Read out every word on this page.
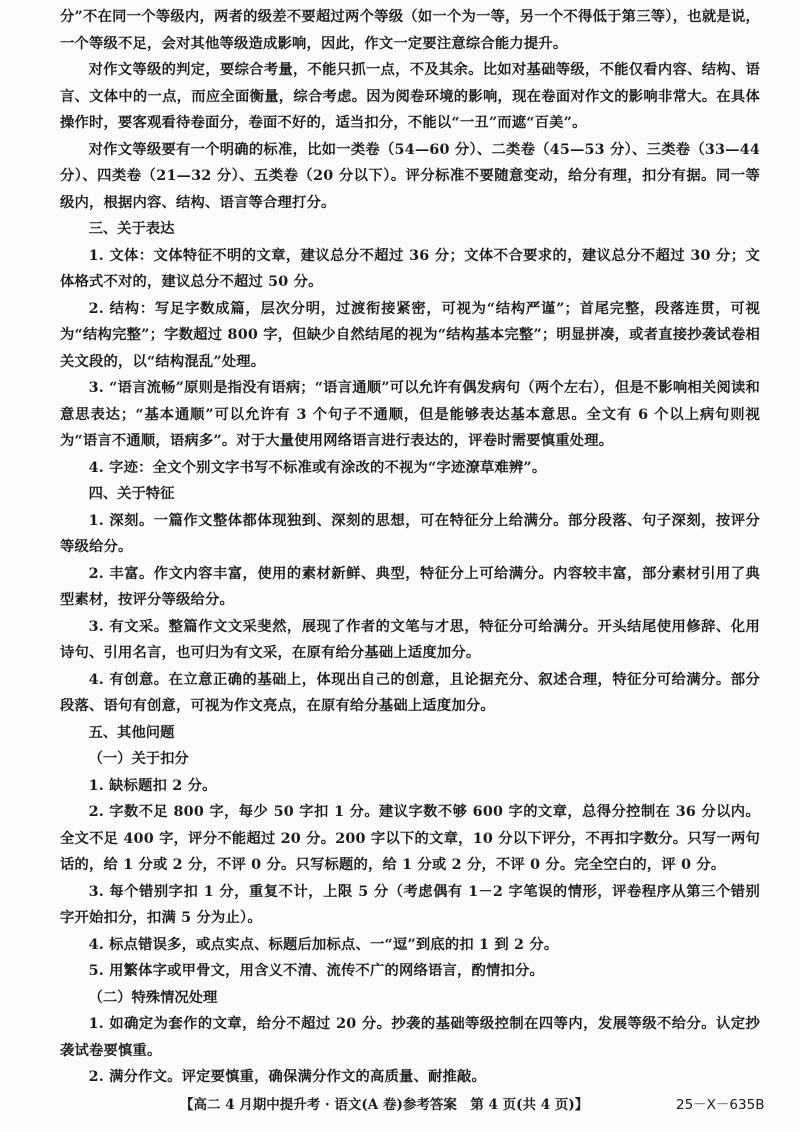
分”不在同一个等级内，两者的级差不要超过两个等级（如一个为一等，另一个不得低于第三等），也就是说，一个等级不足，会对其他等级造成影响，因此，作文一定要注意综合能力提升。

对作文等级的判定，要综合考量，不能只抓一点，不及其余。比如对基础等级，不能仅看内容、结构、语言、文体中的一点，而应全面衡量，综合考虑。因为阅卷环境的影响，现在卷面对作文的影响非常大。在具体操作时，要客观看待卷面分，卷面不好的，适当扣分，不能以“一丑”而遮“百美”。

对作文等级要有一个明确的标准，比如一类卷（54—60 分）、二类卷（45—53 分）、三类卷（33—44 分）、四类卷（21—32 分）、五类卷（20 分以下）。评分标准不要随意变动，给分有理，扣分有据。同一等级内，根据内容、结构、语言等合理打分。

三、关于表达

1. 文体：文体特征不明的文章，建议总分不超过 36 分；文体不合要求的，建议总分不超过 30 分；文体格式不对的，建议总分不超过 50 分。

2. 结构：写足字数成篇，层次分明，过渡衔接紧密，可视为“结构严谨”；首尾完整，段落连贯，可视为“结构完整”；字数超过 800 字，但缺少自然结尾的视为“结构基本完整”；明显拼凑，或者直接抄袭试卷相关文段的，以“结构混乱”处理。

3. “语言流畅”原则是指没有语病；“语言通顺”可以允许有偶发病句（两个左右），但是不影响相关阅读和意思表达；“基本通顺”可以允许有 3 个句子不通顺，但是能够表达基本意思。全文有 6 个以上病句则视为“语言不通顺，语病多”。对于大量使用网络语言进行表达的，评卷时需要慎重处理。

4. 字迹：全文个别文字书写不标准或有涂改的不视为“字迹潦草难辨”。

四、关于特征

1. 深刻。一篇作文整体都体现独到、深刻的思想，可在特征分上给满分。部分段落、句子深刻，按评分等级给分。

2. 丰富。作文内容丰富，使用的素材新鲜、典型，特征分上可给满分。内容较丰富，部分素材引用了典型素材，按评分等级给分。

3. 有文采。整篇作文文采斐然，展现了作者的文笔与才思，特征分可给满分。开头结尾使用修辞、化用诗句、引用名言，也可归为有文采，在原有给分基础上适度加分。

4. 有创意。在立意正确的基础上，体现出自己的创意，且论据充分、叙述合理，特征分可给满分。部分段落、语句有创意，可视为作文亮点，在原有给分基础上适度加分。

五、其他问题

（一）关于扣分

1. 缺标题扣 2 分。

2. 字数不足 800 字，每少 50 字扣 1 分。建议字数不够 600 字的文章，总得分控制在 36 分以内。全文不足 400 字，评分不能超过 20 分。200 字以下的文章，10 分以下评分，不再扣字数分。只写一两句话的，给 1 分或 2 分，不评 0 分。只写标题的，给 1 分或 2 分，不评 0 分。完全空白的，评 0 分。

3. 每个错别字扣 1 分，重复不计，上限 5 分（考虑偶有 1－2 字笔误的情形，评卷程序从第三个错别字开始扣分，扣满 5 分为止）。

4. 标点错误多，或点实点、标题后加标点、一“逗”到底的扣 1 到 2 分。

5. 用繁体字或甲骨文，用含义不清、流传不广的网络语言，酌情扣分。

（二）特殊情况处理

1. 如确定为套作的文章，给分不超过 20 分。抄袭的基础等级控制在四等内，发展等级不给分。认定抄袭试卷要慎重。

2. 满分作文。评定要慎重，确保满分作文的高质量、耐推敲。

【高二 4 月期中提升考 · 语文(A 卷)参考答案　第 4 页(共 4 页)】	25－X－635B
